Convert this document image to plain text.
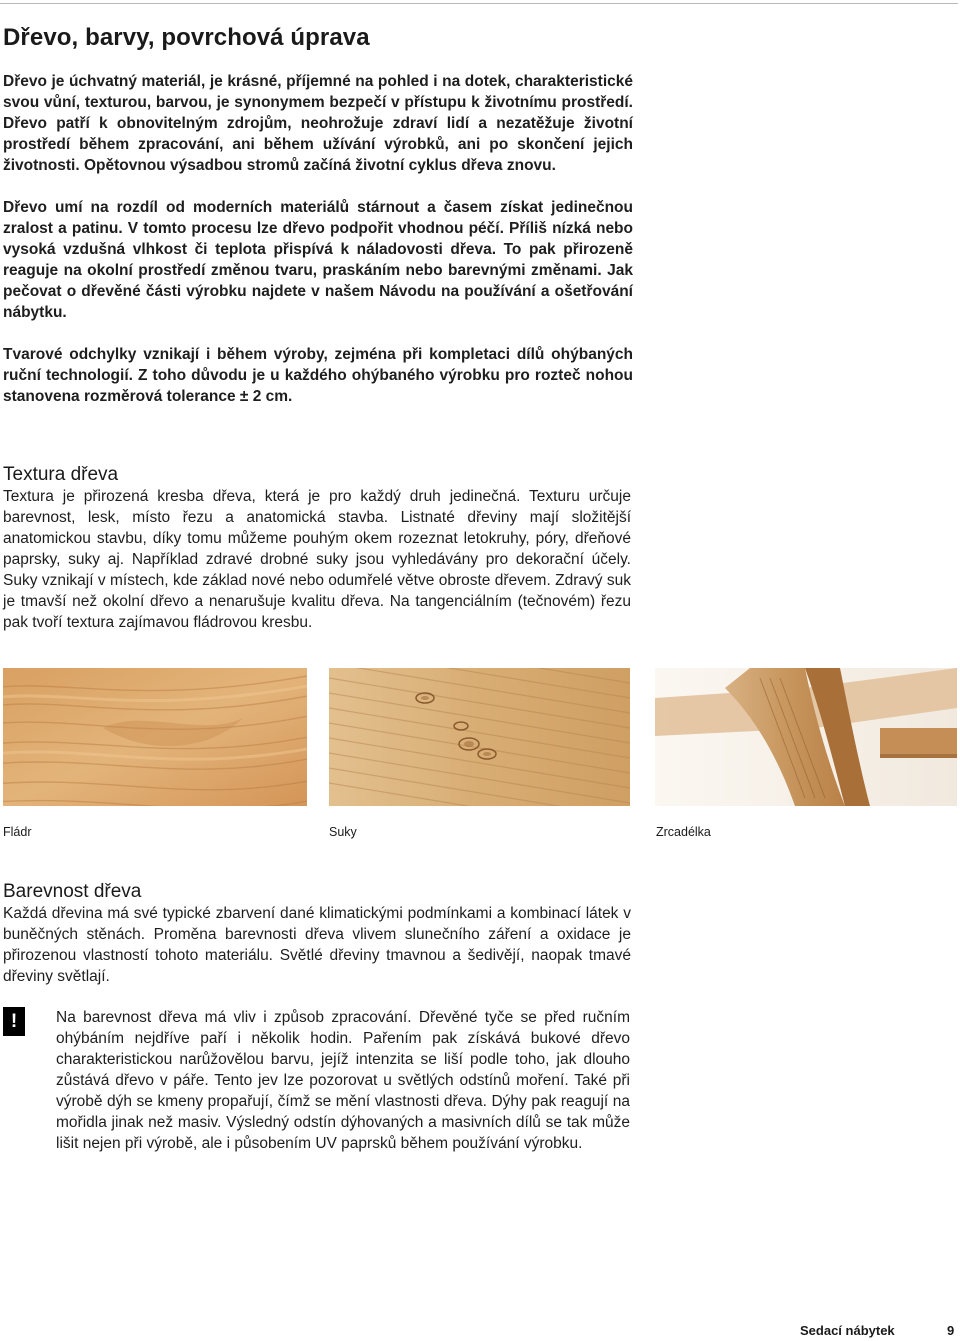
Dřevo, barvy, povrchová úprava

Dřevo je úchvatný materiál, je krásné, příjemné na pohled i na dotek, charakteristické svou vůní, texturou, barvou, je synonymem bezpečí v přístupu k životnímu prostředí. Dřevo patří k obnovitelným zdrojům, neohrožuje zdraví lidí a nezatěžuje životní prostředí během zpracování, ani během užívání výrobků, ani po skončení jejich životnosti. Opětovnou výsadbou stromů začíná životní cyklus dřeva znovu.

Dřevo umí na rozdíl od moderních materiálů stárnout a časem získat jedinečnou zralost a patinu. V tomto procesu lze dřevo podpořit vhodnou péčí. Příliš nízká nebo vysoká vzdušná vlhkost či teplota přispívá k náladovosti dřeva. To pak přirozeně reaguje na okolní prostředí změnou tvaru, praskáním nebo barevnými změnami. Jak pečovat o dřevěné části výrobku najdete v našem Návodu na používání a ošetřování nábytku.

Tvarové odchylky vznikají i během výroby, zejména při kompletaci dílů ohýbaných ruční technologií. Z toho důvodu je u každého ohýbaného výrobku pro rozteč nohou stanovena rozměrová tolerance ± 2 cm.

Textura dřeva
Textura je přirozená kresba dřeva, která je pro každý druh jedinečná. Texturu určuje barevnost, lesk, místo řezu a anatomická stavba. Listnaté dřeviny mají složitější anatomickou stavbu, díky tomu můžeme pouhým okem rozeznat letokruhy, póry, dřeňové paprsky, suky aj. Například zdravé drobné suky jsou vyhledávány pro dekorační účely. Suky vznikají v místech, kde základ nové nebo odumřelé větve obroste dřevem. Zdravý suk je tmavší než okolní dřevo a nenarušuje kvalitu dřeva. Na tangenciálním (tečnovém) řezu pak tvoří textura zajímavou fládrovou kresbu.
Fládr	Suky	Zrcadélka
Barevnost dřeva
Každá dřevina má své typické zbarvení dané klimatickými podmínkami a kombinací látek v buněčných stěnách. Proměna barevnosti dřeva vlivem slunečního záření a oxidace je přirozenou vlastností tohoto materiálu. Světlé dřeviny tmavnou a šedivějí, naopak tmavé dřeviny světlají.
!	Na barevnost dřeva má vliv i způsob zpracování. Dřevěné tyče se před ručním ohýbáním nejdříve paří i několik hodin. Pařením pak získává bukové dřevo charakteristickou narůžovělou barvu, jejíž intenzita se liší podle toho, jak dlouho zůstává dřevo v páře. Tento jev lze pozorovat u světlých odstínů moření. Také při výrobě dýh se kmeny propařují, čímž se mění vlastnosti dřeva. Dýhy pak reagují na mořidla jinak než masiv. Výsledný odstín dýhovaných a masivních dílů se tak může lišit nejen při výrobě, ale i působením UV paprsků během používání výrobku.
Sedací nábytek	9
